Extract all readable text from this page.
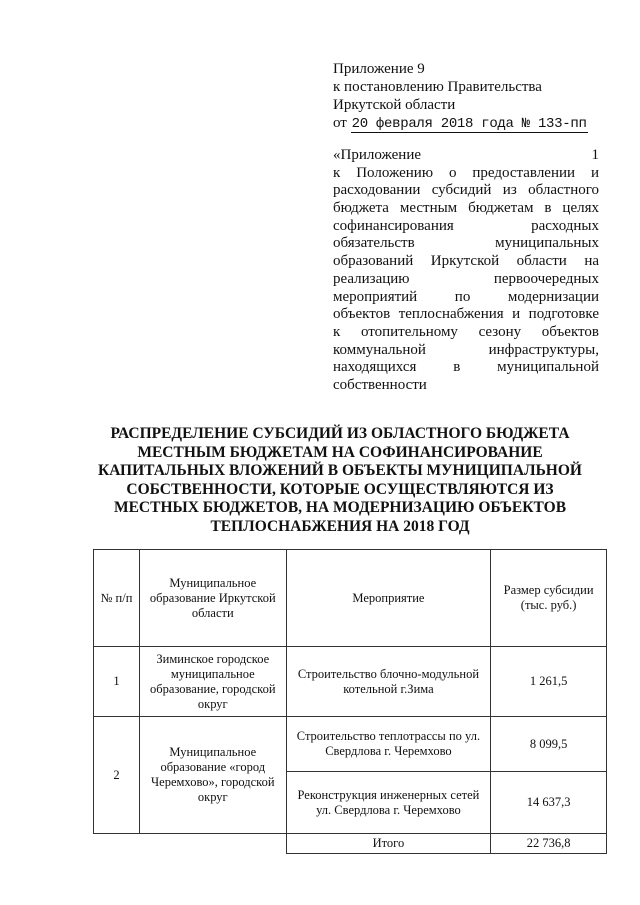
Приложение 9
к постановлению Правительства
Иркутской области
от 20 февраля 2018 года № 133-пп
«Приложение 1
к Положению о предоставлении и
расходовании субсидий из областного
бюджета местным бюджетам в целях
софинансирования расходных
обязательств муниципальных
образований Иркутской области на
реализацию первоочередных
мероприятий по модернизации
объектов теплоснабжения и подготовке
к отопительному сезону объектов
коммунальной инфраструктуры,
находящихся в муниципальной
собственности
РАСПРЕДЕЛЕНИЕ СУБСИДИЙ ИЗ ОБЛАСТНОГО БЮДЖЕТА
МЕСТНЫМ БЮДЖЕТАМ НА СОФИНАНСИРОВАНИЕ
КАПИТАЛЬНЫХ ВЛОЖЕНИЙ В ОБЪЕКТЫ МУНИЦИПАЛЬНОЙ
СОБСТВЕННОСТИ, КОТОРЫЕ ОСУЩЕСТВЛЯЮТСЯ ИЗ
МЕСТНЫХ БЮДЖЕТОВ, НА МОДЕРНИЗАЦИЮ ОБЪЕКТОВ
ТЕПЛОСНАБЖЕНИЯ НА 2018 ГОД
№ п/п	Муниципальное образование Иркутской области	Мероприятие	Размер субсидии (тыс. руб.)
1	Зиминское городское муниципальное образование, городской округ	Строительство блочно-модульной котельной г.Зима	1 261,5
2	Муниципальное образование «город Черемхово», городской округ	Строительство теплотрассы по ул. Свердлова г. Черемхово	8 099,5
		Реконструкция инженерных сетей ул. Свердлова г. Черемхово	14 637,3
		Итого	22 736,8
